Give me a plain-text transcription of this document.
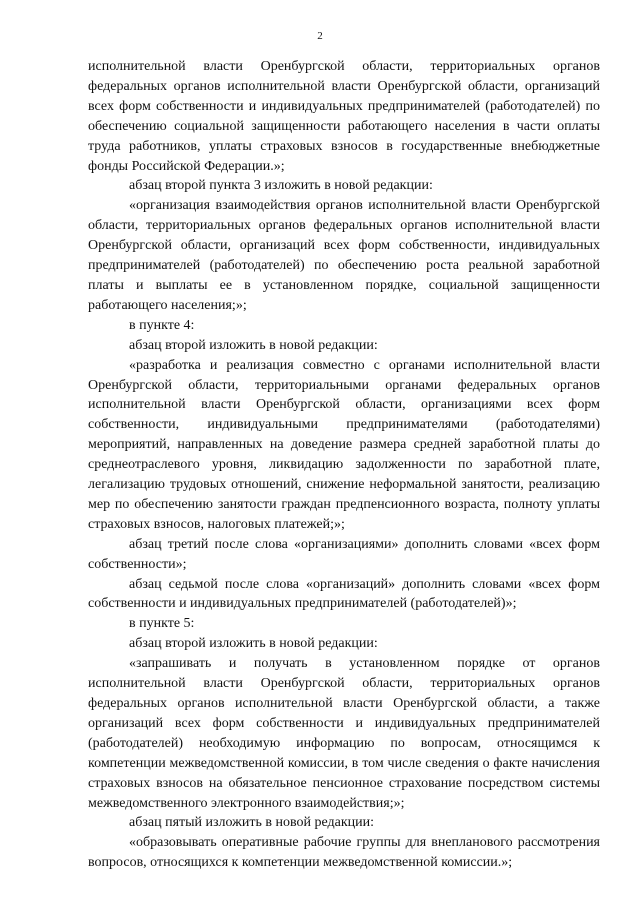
2

исполнительной власти Оренбургской области, территориальных органов федеральных органов исполнительной власти Оренбургской области, организаций всех форм собственности и индивидуальных предпринимателей (работодателей) по обеспечению социальной защищенности работающего населения в части оплаты труда работников, уплаты страховых взносов в государственные внебюджетные фонды Российской Федерации.»;

абзац второй пункта 3 изложить в новой редакции:

«организация взаимодействия органов исполнительной власти Оренбургской области, территориальных органов федеральных органов исполнительной власти Оренбургской области, организаций всех форм собственности, индивидуальных предпринимателей (работодателей) по обеспечению роста реальной заработной платы и выплаты ее в установленном порядке, социальной защищенности работающего населения;»;

в пункте 4:

абзац второй изложить в новой редакции:

«разработка и реализация совместно с органами исполнительной власти Оренбургской области, территориальными органами федеральных органов исполнительной власти Оренбургской области, организациями всех форм собственности, индивидуальными предпринимателями (работодателями) мероприятий, направленных на доведение размера средней заработной платы до среднеотраслевого уровня, ликвидацию задолженности по заработной плате, легализацию трудовых отношений, снижение неформальной занятости, реализацию мер по обеспечению занятости граждан предпенсионного возраста, полноту уплаты страховых взносов, налоговых платежей;»;

абзац третий после слова «организациями» дополнить словами «всех форм собственности»;

абзац седьмой после слова «организаций» дополнить словами «всех форм собственности и индивидуальных предпринимателей (работодателей)»;

в пункте 5:

абзац второй изложить в новой редакции:

«запрашивать и получать в установленном порядке от органов исполнительной власти Оренбургской области, территориальных органов федеральных органов исполнительной власти Оренбургской области, а также организаций всех форм собственности и индивидуальных предпринимателей (работодателей) необходимую информацию по вопросам, относящимся к компетенции межведомственной комиссии, в том числе сведения о факте начисления страховых взносов на обязательное пенсионное страхование посредством системы межведомственного электронного взаимодействия;»;

абзац пятый изложить в новой редакции:

«образовывать оперативные рабочие группы для внепланового рассмотрения вопросов, относящихся к компетенции межведомственной комиссии.»;
